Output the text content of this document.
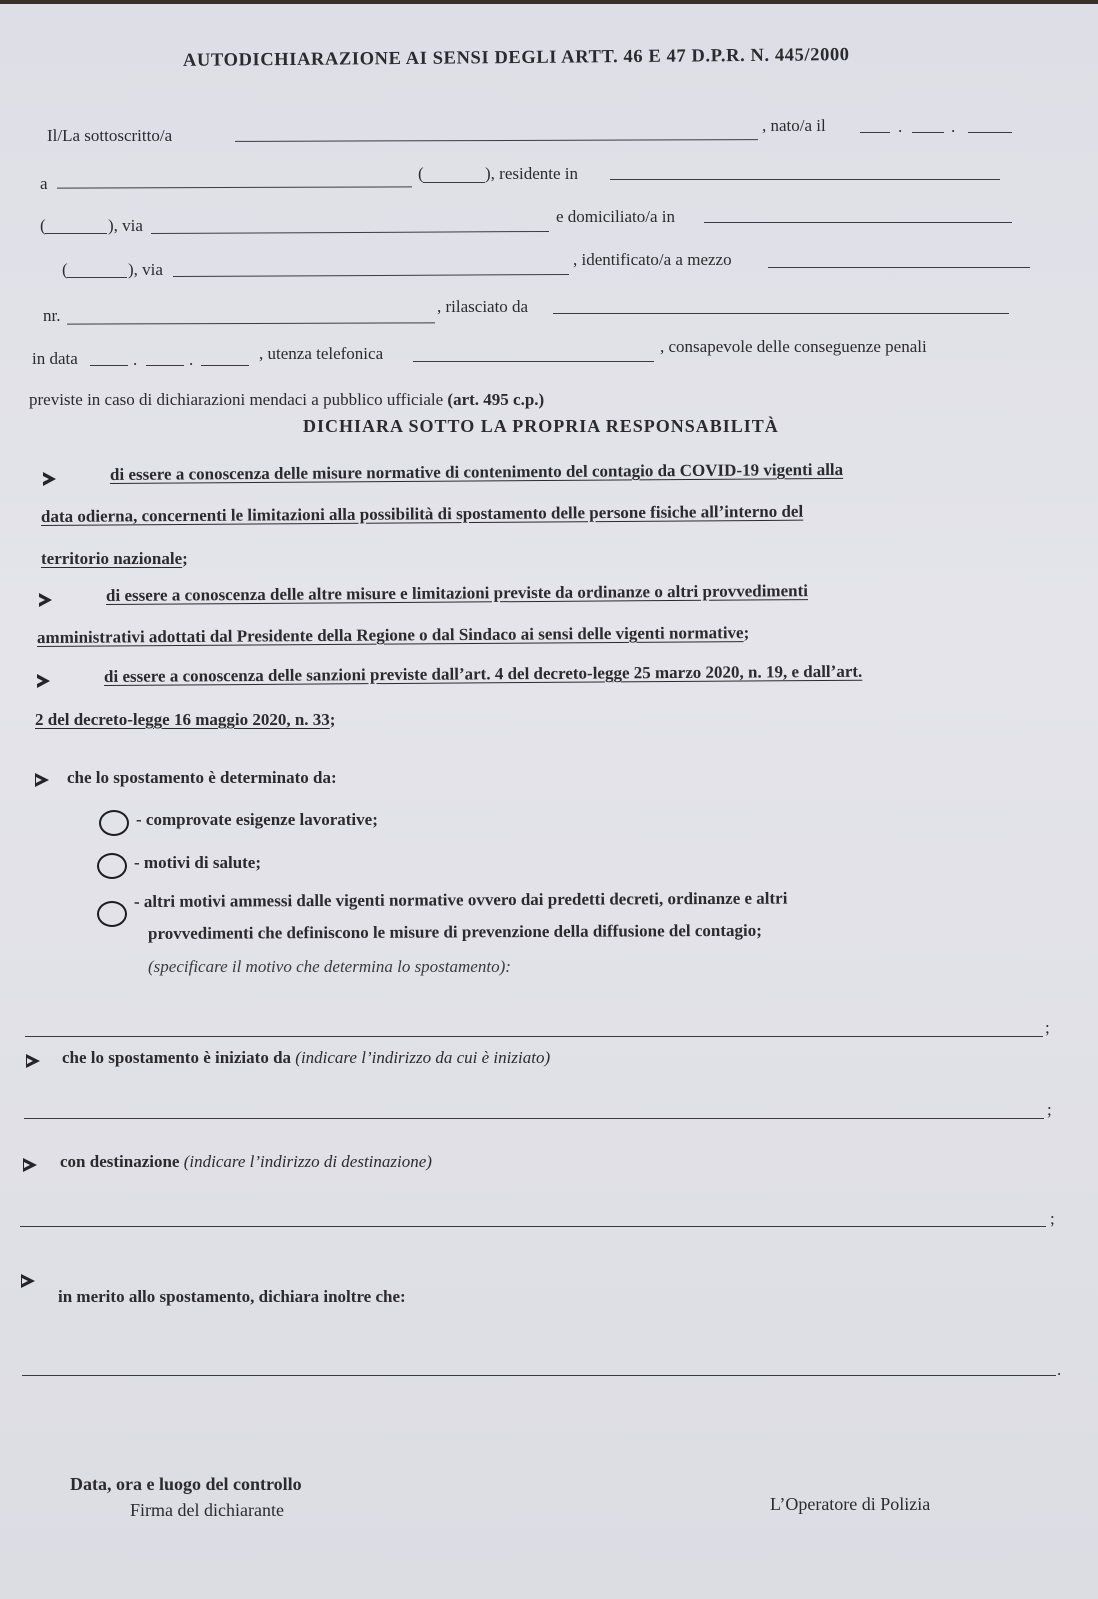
AUTODICHIARAZIONE AI SENSI DEGLI ARTT. 46 E 47 D.P.R. N. 445/2000
Il/La sottoscritto/a
, nato/a il	.	.
a
(	), residente in
(	), via	e domiciliato/a in
(	), via
, identificato/a a mezzo
nr.	, rilasciato da
in data	.	.	, utenza telefonica	, consapevole delle conseguenze penali
previste in caso di dichiarazioni mendaci a pubblico ufficiale (art. 495 c.p.)
DICHIARA SOTTO LA PROPRIA RESPONSABILITÀ
di essere a conoscenza delle misure normative di contenimento del contagio da COVID-19 vigenti alla
data odierna, concernenti le limitazioni alla possibilità di spostamento delle persone fisiche all’interno del
territorio nazionale;
di essere a conoscenza delle altre misure e limitazioni previste da ordinanze o altri provvedimenti
amministrativi adottati dal Presidente della Regione o dal Sindaco ai sensi delle vigenti normative;
di essere a conoscenza delle sanzioni previste dall’art. 4 del decreto-legge 25 marzo 2020, n. 19, e dall’art.
2 del decreto-legge 16 maggio 2020, n. 33;
che lo spostamento è determinato da:
- comprovate esigenze lavorative;
- motivi di salute;
- altri motivi ammessi dalle vigenti normative ovvero dai predetti decreti, ordinanze e altri
provvedimenti che definiscono le misure di prevenzione della diffusione del contagio;
(specificare il motivo che determina lo spostamento):
;
che lo spostamento è iniziato da (indicare l’indirizzo da cui è iniziato)
;
con destinazione (indicare l’indirizzo di destinazione)
;
in merito allo spostamento, dichiara inoltre che:
.
Data, ora e luogo del controllo
Firma del dichiarante	L’Operatore di Polizia
